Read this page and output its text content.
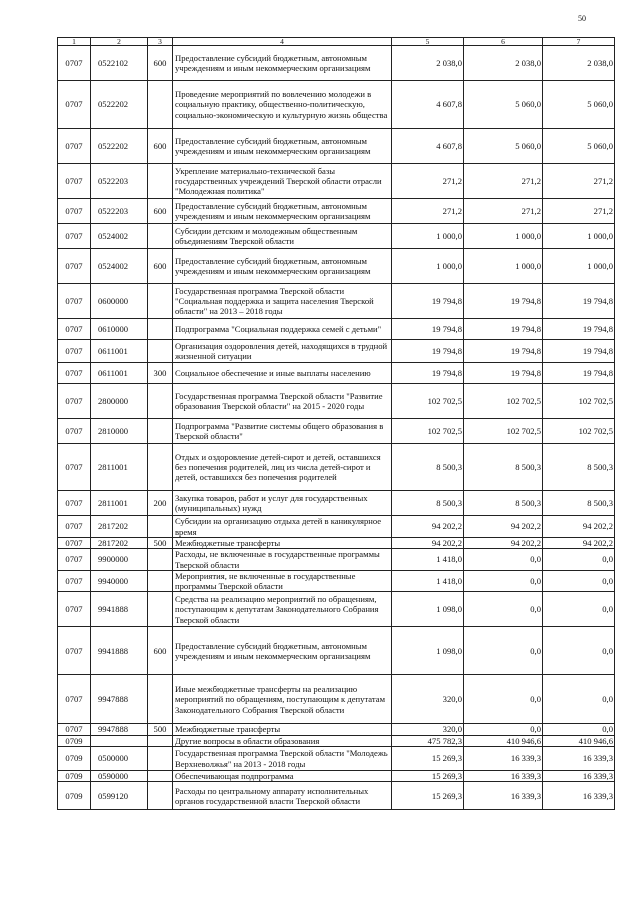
50
1	2	3	4	5	6	7
0707	0522102	600	Предоставление субсидий бюджетным, автономным учреждениям и иным некоммерческим организациям	2 038,0	2 038,0	2 038,0
0707	0522202		Проведение мероприятий по вовлечению молодежи в социальную практику, общественно-политическую, социально-экономическую и культурную жизнь общества	4 607,8	5 060,0	5 060,0
0707	0522202	600	Предоставление субсидий бюджетным, автономным учреждениям и иным некоммерческим организациям	4 607,8	5 060,0	5 060,0
0707	0522203		Укрепление материально-технической базы государственных учреждений Тверской области отрасли "Молодежная политика"	271,2	271,2	271,2
0707	0522203	600	Предоставление субсидий бюджетным, автономным учреждениям и иным некоммерческим организациям	271,2	271,2	271,2
0707	0524002		Субсидии детским и молодежным общественным объединениям Тверской области	1 000,0	1 000,0	1 000,0
0707	0524002	600	Предоставление субсидий бюджетным, автономным учреждениям и иным некоммерческим организациям	1 000,0	1 000,0	1 000,0
0707	0600000		Государственная программа Тверской области "Социальная поддержка и защита населения Тверской области" на 2013 – 2018 годы	19 794,8	19 794,8	19 794,8
0707	0610000		Подпрограмма "Социальная поддержка семей с детьми"	19 794,8	19 794,8	19 794,8
0707	0611001		Организация оздоровления детей, находящихся в трудной жизненной ситуации	19 794,8	19 794,8	19 794,8
0707	0611001	300	Социальное обеспечение и иные выплаты населению	19 794,8	19 794,8	19 794,8
0707	2800000		Государственная программа Тверской области "Развитие образования Тверской области" на 2015 - 2020 годы	102 702,5	102 702,5	102 702,5
0707	2810000		Подпрограмма "Развитие системы общего образования в Тверской области"	102 702,5	102 702,5	102 702,5
0707	2811001		Отдых и оздоровление детей-сирот и детей, оставшихся без попечения родителей, лиц из числа детей-сирот и детей, оставшихся без попечения родителей	8 500,3	8 500,3	8 500,3
0707	2811001	200	Закупка товаров, работ и услуг для государственных (муниципальных) нужд	8 500,3	8 500,3	8 500,3
0707	2817202		Субсидии на организацию отдыха детей в каникулярное время	94 202,2	94 202,2	94 202,2
0707	2817202	500	Межбюджетные трансферты	94 202,2	94 202,2	94 202,2
0707	9900000		Расходы, не включенные в государственные программы Тверской области	1 418,0	0,0	0,0
0707	9940000		Мероприятия, не включенные в государственные программы Тверской области	1 418,0	0,0	0,0
0707	9941888		Средства на реализацию мероприятий по обращениям, поступающим к депутатам Законодательного Собрания Тверской области	1 098,0	0,0	0,0
0707	9941888	600	Предоставление субсидий бюджетным, автономным учреждениям и иным некоммерческим организациям	1 098,0	0,0	0,0
0707	9947888		Иные межбюджетные трансферты на реализацию мероприятий по обращениям, поступающим к депутатам Законодательного Собрания Тверской области	320,0	0,0	0,0
0707	9947888	500	Межбюджетные трансферты	320,0	0,0	0,0
0709			Другие вопросы в области образования	475 782,3	410 946,6	410 946,6
0709	0500000		Государственная программа Тверской области "Молодежь Верхневолжья" на 2013 - 2018 годы	15 269,3	16 339,3	16 339,3
0709	0590000		Обеспечивающая подпрограмма	15 269,3	16 339,3	16 339,3
0709	0599120		Расходы по центральному аппарату исполнительных органов государственной власти Тверской области	15 269,3	16 339,3	16 339,3
